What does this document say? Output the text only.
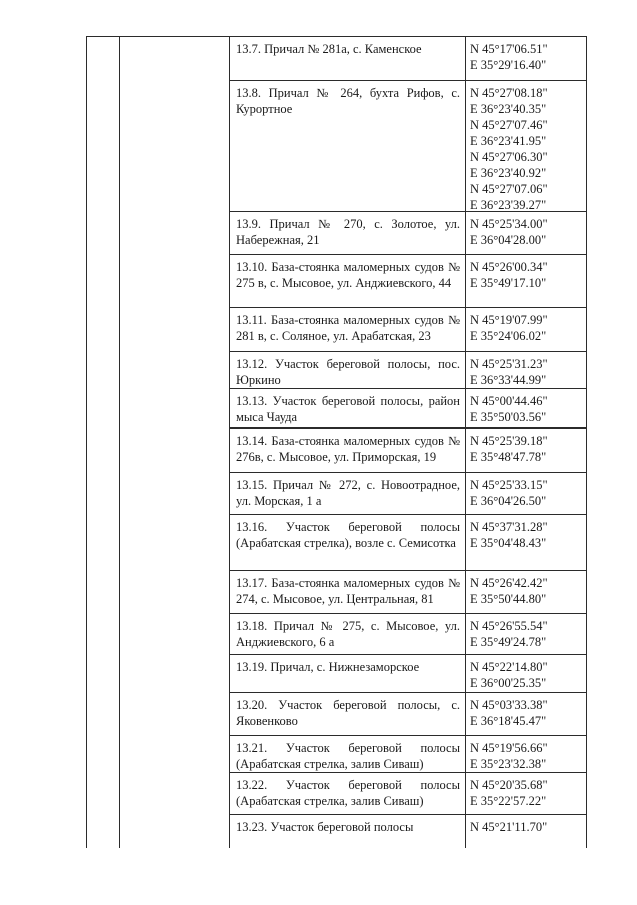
13.7. Причал № 281а, с. Каменское	N 45°17'06.51"
E 35°29'16.40"
13.8. Причал № 264, бухта Рифов, с. Курортное
N 45°27'08.18"
E 36°23'40.35"
N 45°27'07.46"
E 36°23'41.95"
N 45°27'06.30"
E 36°23'40.92"
N 45°27'07.06"
E 36°23'39.27"
13.9. Причал № 270, с. Золотое, ул. Набережная, 21
N 45°25'34.00"
E 36°04'28.00"
13.10. База-стоянка маломерных судов № 275 в, с. Мысовое, ул. Анджиевского, 44
N 45°26'00.34"
E 35°49'17.10"
13.11. База-стоянка маломерных судов № 281 в, с. Соляное, ул. Арабатская, 23
N 45°19'07.99"
E 35°24'06.02"
13.12. Участок береговой полосы, пос. Юркино
N 45°25'31.23"
E 36°33'44.99"
13.13. Участок береговой полосы, район мыса Чауда
N 45°00'44.46"
E 35°50'03.56"
13.14. База-стоянка маломерных судов № 276в, с. Мысовое, ул. Приморская, 19
N 45°25'39.18"
E 35°48'47.78"
13.15. Причал № 272, с. Новоотрадное, ул. Морская, 1 а
N 45°25'33.15"
E 36°04'26.50"
13.16. Участок береговой полосы (Арабатская стрелка), возле с. Семисотка
N 45°37'31.28"
E 35°04'48.43"
13.17. База-стоянка маломерных судов № 274, с. Мысовое, ул. Центральная, 81
N 45°26'42.42"
E 35°50'44.80"
13.18. Причал № 275, с. Мысовое, ул. Анджиевского, 6 а
N 45°26'55.54"
E 35°49'24.78"
13.19. Причал, с. Нижнезаморское	N 45°22'14.80"
E 36°00'25.35"
13.20. Участок береговой полосы, с. Яковенково
N 45°03'33.38"
E 36°18'45.47"
13.21. Участок береговой полосы (Арабатская стрелка, залив Сиваш)
N 45°19'56.66"
E 35°23'32.38"
13.22. Участок береговой полосы (Арабатская стрелка, залив Сиваш)
N 45°20'35.68"
E 35°22'57.22"
13.23. Участок береговой полосы	N 45°21'11.70"
